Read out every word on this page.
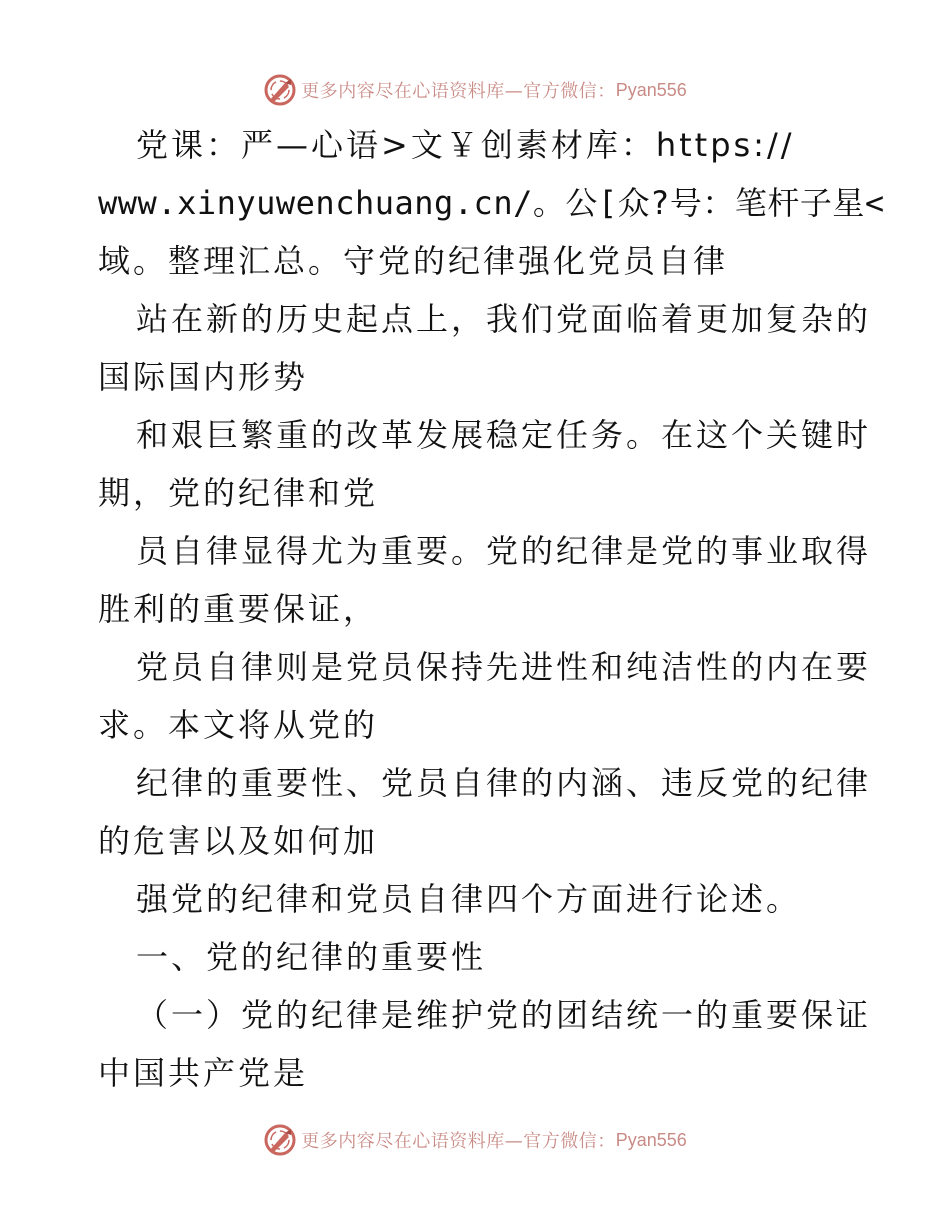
更多内容尽在心语资料库—官方微信： Pyan556
党课：严—心语>文￥创素材库：https://
www.xinyuwenchuang.cn/。公[众?号：笔杆子星<
域。整理汇总。守党的纪律强化党员自律
站在新的历史起点上，我们党面临着更加复杂的
国际国内形势
和艰巨繁重的改革发展稳定任务。在这个关键时
期，党的纪律和党
员自律显得尤为重要。党的纪律是党的事业取得
胜利的重要保证，
党员自律则是党员保持先进性和纯洁性的内在要
求。本文将从党的
纪律的重要性、党员自律的内涵、违反党的纪律
的危害以及如何加
强党的纪律和党员自律四个方面进行论述。
一、党的纪律的重要性
（一）党的纪律是维护党的团结统一的重要保证
中国共产党是
更多内容尽在心语资料库—官方微信： Pyan556
